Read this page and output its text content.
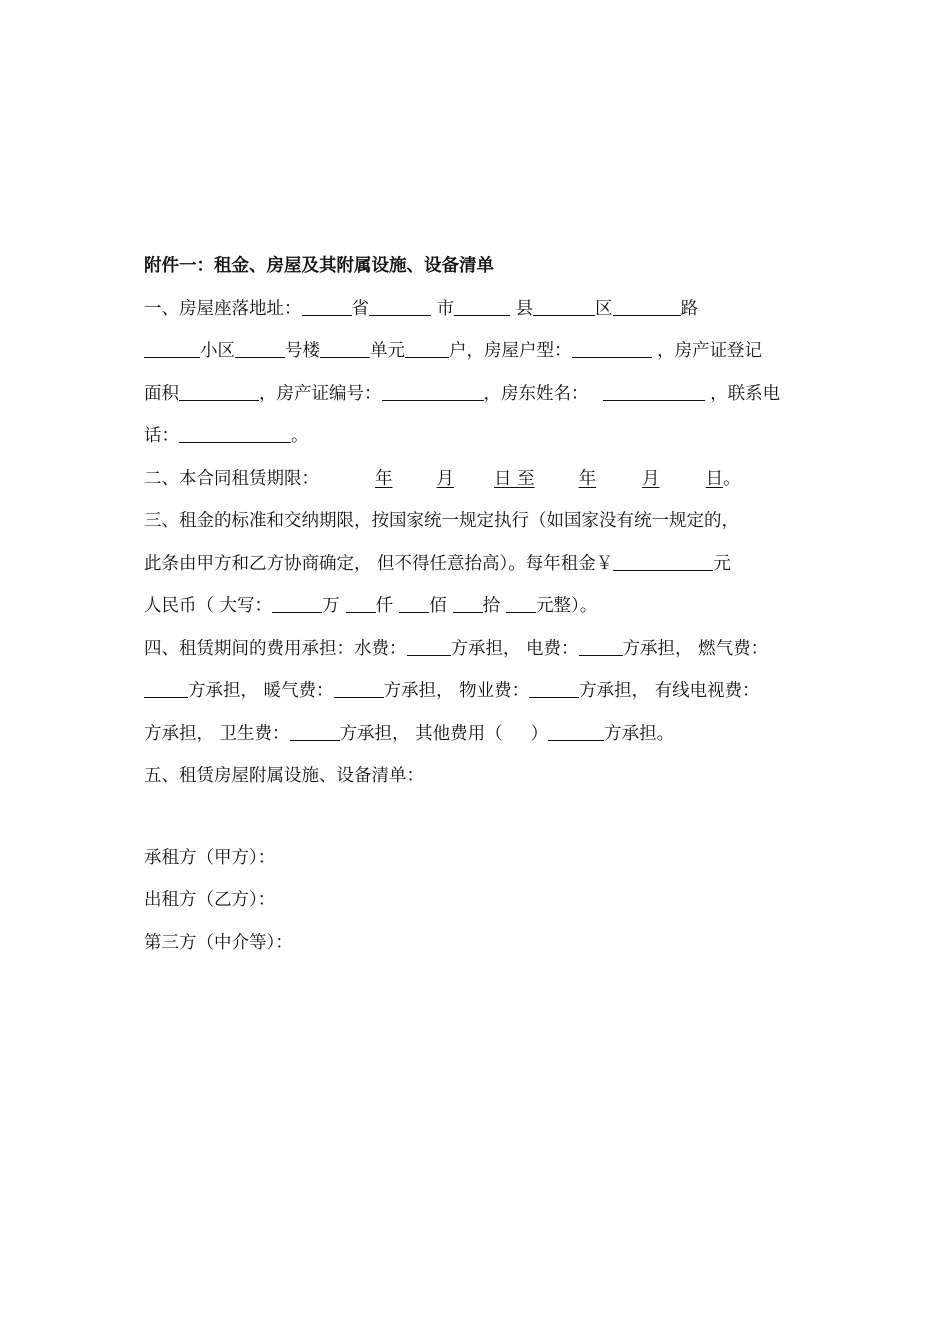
附件一：租金、房屋及其附属设施、设备清单
一、房屋座落地址：	省	市	县	区	路
小区	号楼	单元	户，房屋户型：	，房产证登记
面积	，房产证编号：	，房东姓名：	，联系电
话：	。
二、本合同租赁期限：	年	月 日 至	年	月	日。
三、租金的标准和交纳期限，按国家统一规定执行（如国家没有统一规定的，
此条由甲方和乙方协商确定， 但不得任意抬高）。每年租金￥	元
人民币（ 大写：	万 仟 佰 拾 元整）。
四、租赁期间的费用承担：水费：	方承担， 电费：	方承担， 燃气费：
方承担， 暖气费：	方承担， 物业费：	方承担， 有线电视费：
方承担， 卫生费：	方承担， 其他费用（ ）	方承担。
五、租赁房屋附属设施、设备清单：
承租方（甲方）：
出租方（乙方）：
第三方（中介等）：
